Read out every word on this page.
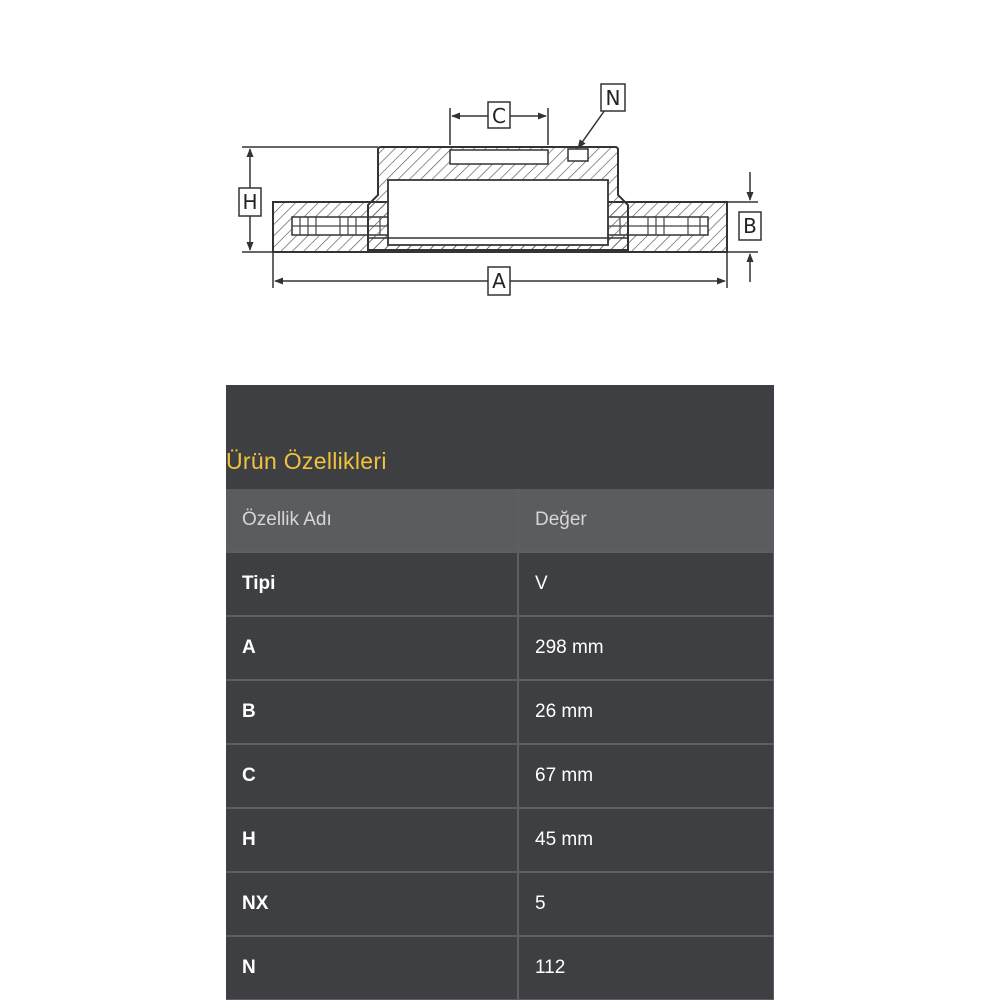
C
N
H
B
A
Ürün Özellikleri
Özellik Adı	Değer
Tipi	V
A	298 mm
B	26 mm
C	67 mm
H	45 mm
NX	5
N	112
